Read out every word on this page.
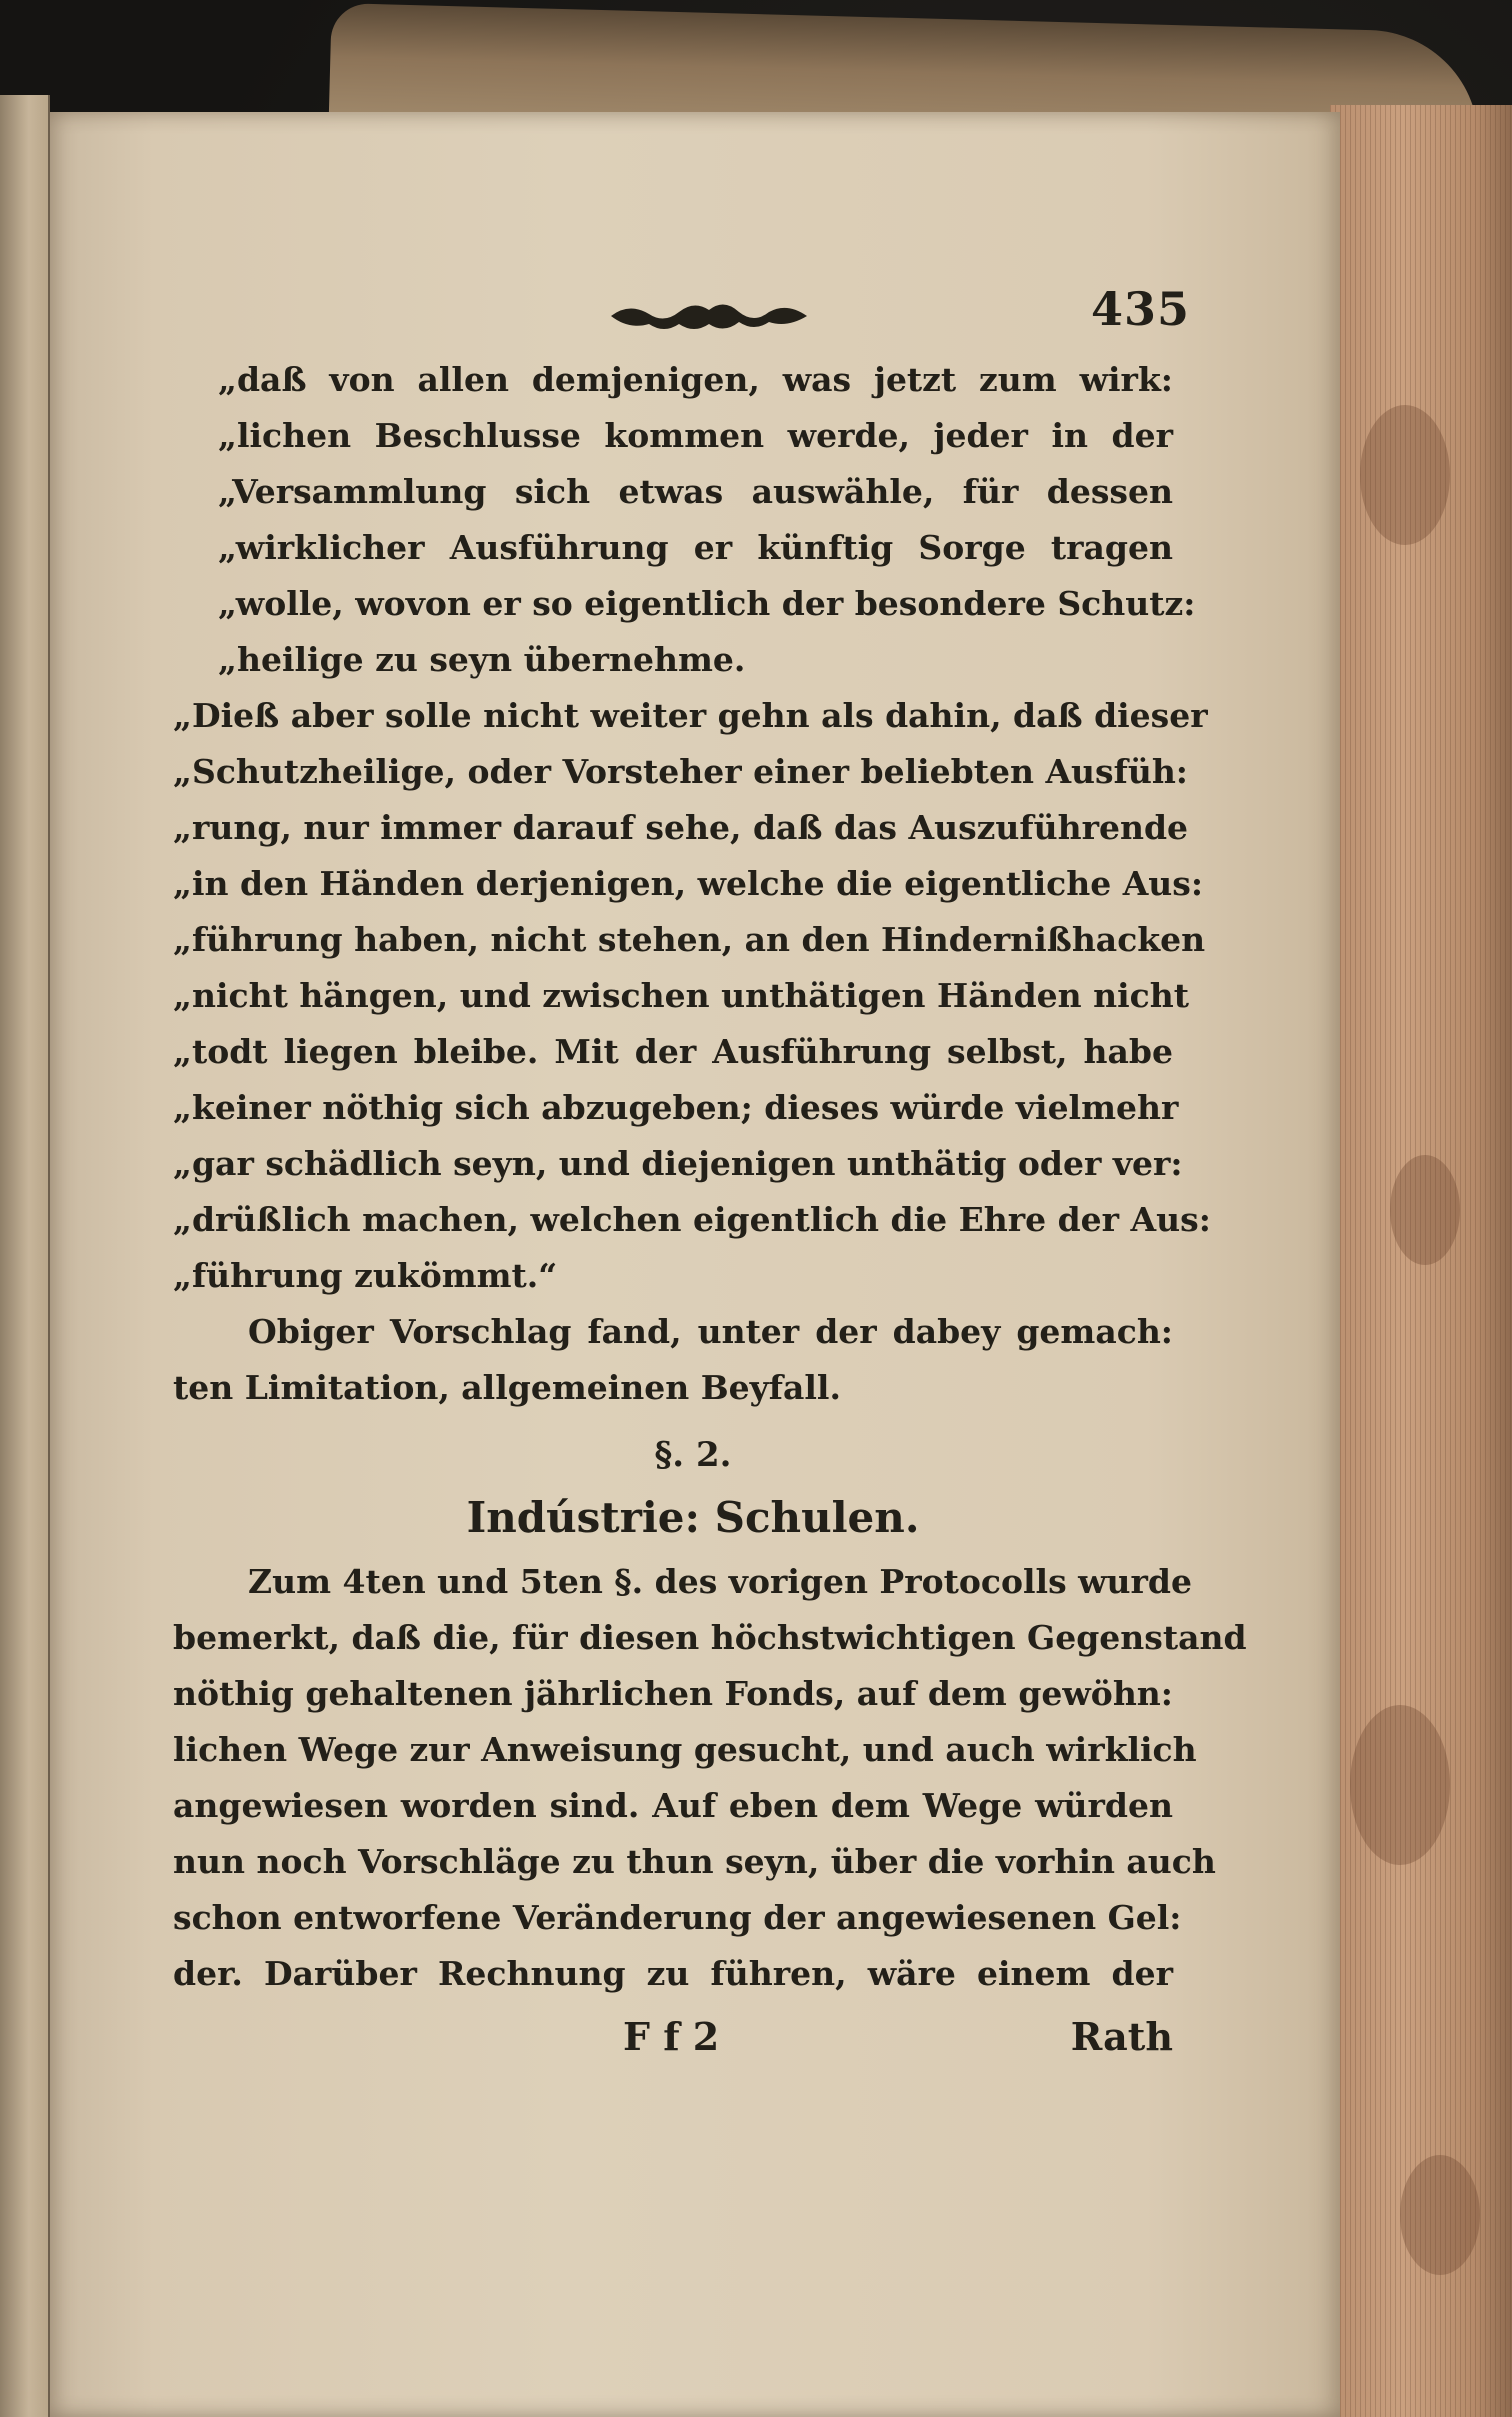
435
„daß von allen demjenigen, was jetzt zum wirk:
„lichen Beschlusse kommen werde, jeder in der
„Versammlung sich etwas auswähle, für dessen
„wirklicher Ausführung er künftig Sorge tragen
„wolle, wovon er so eigentlich der besondere Schutz:
„heilige zu seyn übernehme.
„Dieß aber solle nicht weiter gehn als dahin, daß dieser
„Schutzheilige, oder Vorsteher einer beliebten Ausfüh:
„rung, nur immer darauf sehe, daß das Auszuführende
„in den Händen derjenigen, welche die eigentliche Aus:
„führung haben, nicht stehen, an den Hindernißhacken
„nicht hängen, und zwischen unthätigen Händen nicht
„todt liegen bleibe. Mit der Ausführung selbst, habe
„keiner nöthig sich abzugeben; dieses würde vielmehr
„gar schädlich seyn, und diejenigen unthätig oder ver:
„drüßlich machen, welchen eigentlich die Ehre der Aus:
„führung zukömmt.“
Obiger Vorschlag fand, unter der dabey gemach:
ten Limitation, allgemeinen Beyfall.
§. 2.
Indústrie: Schulen.
Zum 4ten und 5ten §. des vorigen Protocolls wurde
bemerkt, daß die, für diesen höchstwichtigen Gegenstand
nöthig gehaltenen jährlichen Fonds, auf dem gewöhn:
lichen Wege zur Anweisung gesucht, und auch wirklich
angewiesen worden sind. Auf eben dem Wege würden
nun noch Vorschläge zu thun seyn, über die vorhin auch
schon entworfene Veränderung der angewiesenen Gel:
der. Darüber Rechnung zu führen, wäre einem der
F f 2	Rath
